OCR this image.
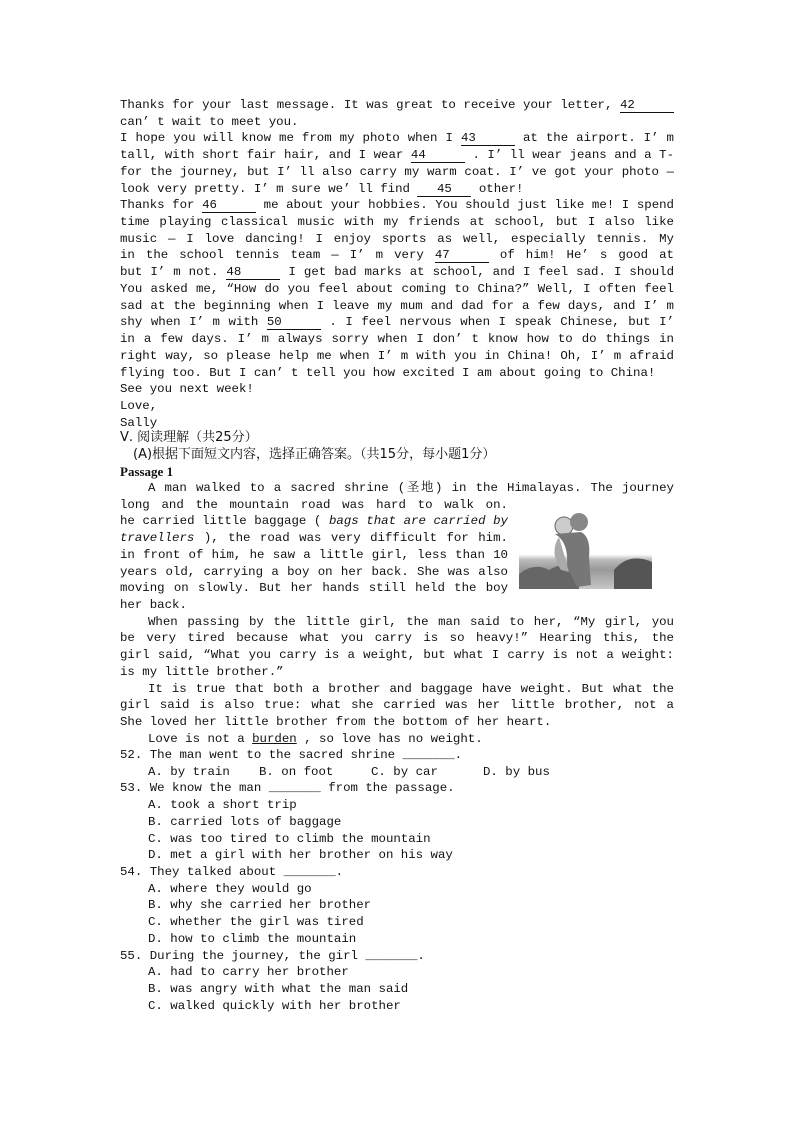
Thanks for your last message. It was great to receive your letter, 42
can’ t wait to meet you.
I hope you will know me from my photo when I 43	at the airport. I’ m
tall, with short fair hair, and I wear 44	. I’ ll wear jeans and a T-
for the journey, but I’ ll also carry my warm coat. I’ ve got your photo —
look very pretty. I’ m sure we’ ll find 45 other!
Thanks for 46	me about your hobbies. You should just like me! I spend
time playing classical music with my friends at school, but I also like
music — I love dancing! I enjoy sports as well, especially tennis. My
in the school tennis team — I’ m very 47	of him! He’ s good at
but I’ m not. 48	I get bad marks at school, and I feel sad. I should
You asked me, “How do you feel about coming to China?” Well, I often feel
sad at the beginning when I leave my mum and dad for a few days, and I’ m
shy when I’ m with 50	. I feel nervous when I speak Chinese, but I’
in a few days. I’ m always sorry when I don’ t know how to do things in
right way, so please help me when I’ m with you in China! Oh, I’ m afraid
flying too. But I can’ t tell you how excited I am about going to China!
See you next week!
Love,
Sally
Ⅴ. 阅读理解（共25分）
(A)根据下面短文内容，选择正确答案。（共15分，每小题1分）
Passage 1
A man walked to a sacred shrine (圣地) in the Himalayas. The journey
long and the mountain road was hard to walk on.
he carried little baggage ( bags that are carried by
travellers ), the road was very difficult for him.
in front of him, he saw a little girl, less than 10
years old, carrying a boy on her back. She was also
moving on slowly. But her hands still held the boy
her back.
When passing by the little girl, the man said to her, “My girl, you
be very tired because what you carry is so heavy!” Hearing this, the
girl said, “What you carry is a weight, but what I carry is not a weight:
is my little brother.”
It is true that both a brother and baggage have weight. But what the
girl said is also true: what she carried was her little brother, not a
She loved her little brother from the bottom of her heart.
Love is not a burden , so love has no weight.
52. The man went to the sacred shrine _______.
A. by train B. on foot	C. by car	D. by bus
53. We know the man _______ from the passage.
A. took a short trip
B. carried lots of baggage
C. was too tired to climb the mountain
D. met a girl with her brother on his way
54. They talked about _______.
A. where they would go
B. why she carried her brother
C. whether the girl was tired
D. how to climb the mountain
55. During the journey, the girl _______.
A. had to carry her brother
B. was angry with what the man said
C. walked quickly with her brother
